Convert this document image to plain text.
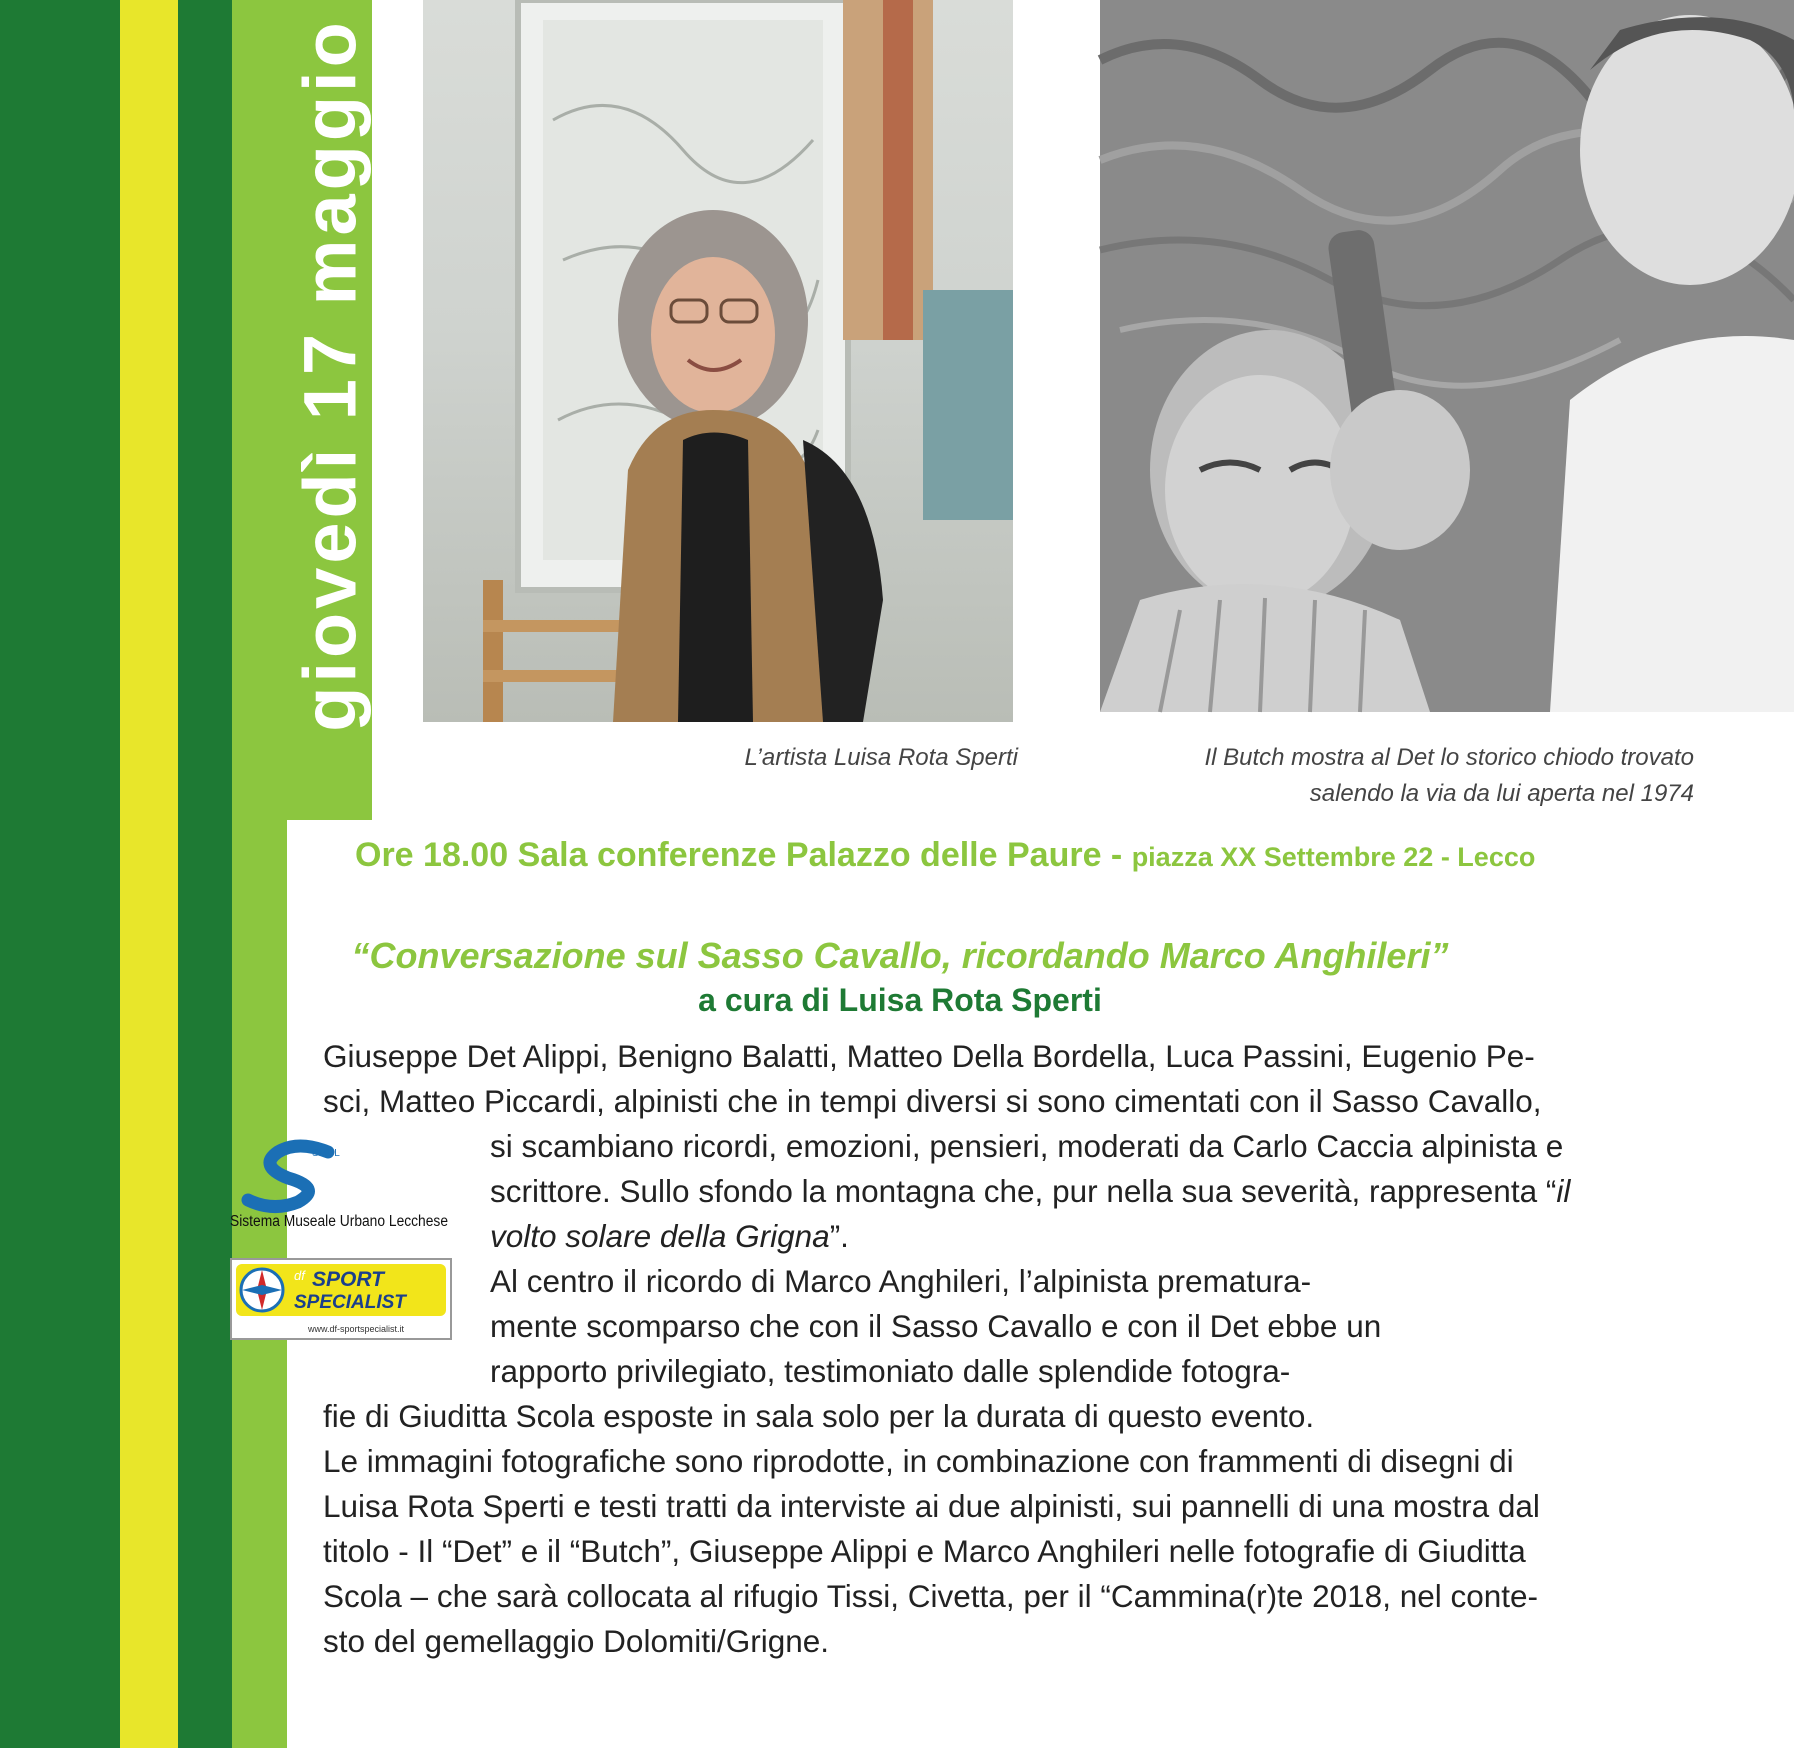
giovedì 17 maggio
L’artista Luisa Rota Sperti	Il Butch mostra al Det lo storico chiodo trovato
salendo la via da lui aperta nel 1974
Ore 18.00 Sala conferenze Palazzo delle Paure - piazza XX Settembre 22 - Lecco
“Conversazione sul Sasso Cavallo, ricordando Marco Anghileri”
a cura di Luisa Rota Sperti
Giuseppe Det Alippi, Benigno Balatti, Matteo Della Bordella, Luca Passini, Eugenio Pe-
sci, Matteo Piccardi, alpinisti che in tempi diversi si sono cimentati con il Sasso Cavallo,
si scambiano ricordi, emozioni, pensieri, moderati da Carlo Caccia alpinista e
scrittore. Sullo sfondo la montagna che, pur nella sua severità, rappresenta “il
volto solare della Grigna”.
Al centro il ricordo di Marco Anghileri, l’alpinista prematura-
mente scomparso che con il Sasso Cavallo e con il Det ebbe un
rapporto privilegiato, testimoniato dalle splendide fotogra-
fie di Giuditta Scola esposte in sala solo per la durata di questo evento.
Le immagini fotografiche sono riprodotte, in combinazione con frammenti di disegni di
Luisa Rota Sperti e testi tratti da interviste ai due alpinisti, sui pannelli di una mostra dal
titolo - Il “Det” e il “Butch”, Giuseppe Alippi e Marco Anghileri nelle fotografie di Giuditta
Scola – che sarà collocata al rifugio Tissi, Civetta, per il “Cammina(r)te 2018, nel conte-
sto del gemellaggio Dolomiti/Grigne.
SMUL
Sistema Museale Urbano Lecchese
df SPORT
SPECIALIST
www.df-sportspecialist.it
